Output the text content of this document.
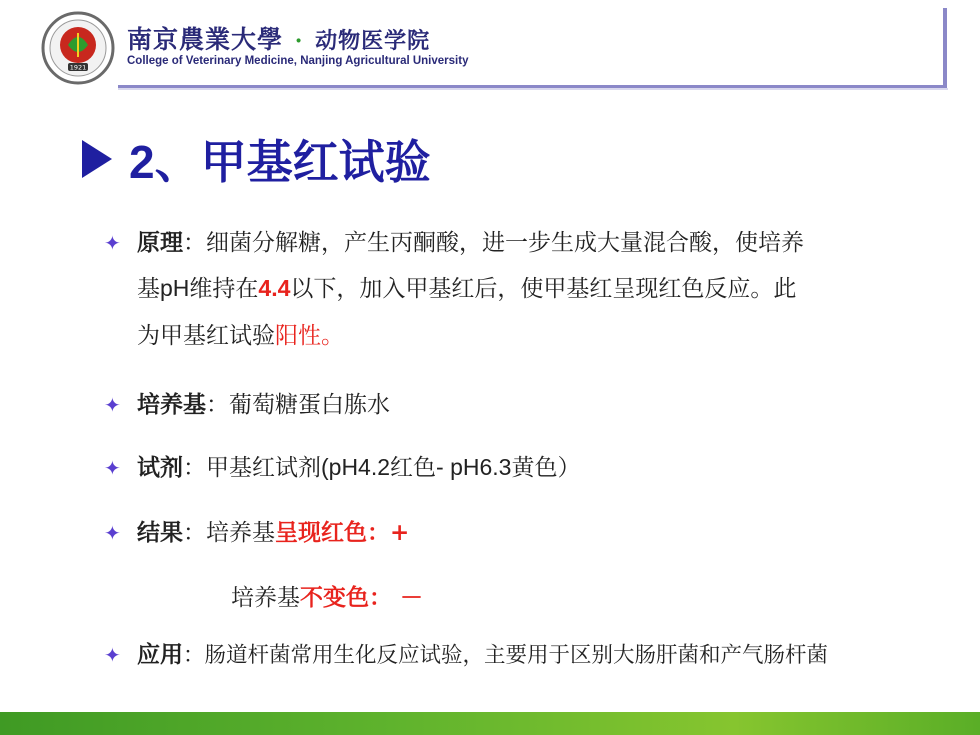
1921
南京農業大學 · 动物医学院
College of Veterinary Medicine, Nanjing Agricultural University
2、 甲基红试验
✦ 原理：细菌分解糖，产生丙酮酸，进一步生成大量混合酸，使培养
基pH维持在4.4以下，加入甲基红后，使甲基红呈现红色反应。此
为甲基红试验阳性。
✦ 培养基：葡萄糖蛋白胨水
✦ 试剂：甲基红试剂(pH4.2红色- pH6.3黄色）
✦ 结果：培养基呈现红色：+
培养基不变色： －
✦ 应用：肠道杆菌常用生化反应试验，主要用于区别大肠肝菌和产气肠杆菌
